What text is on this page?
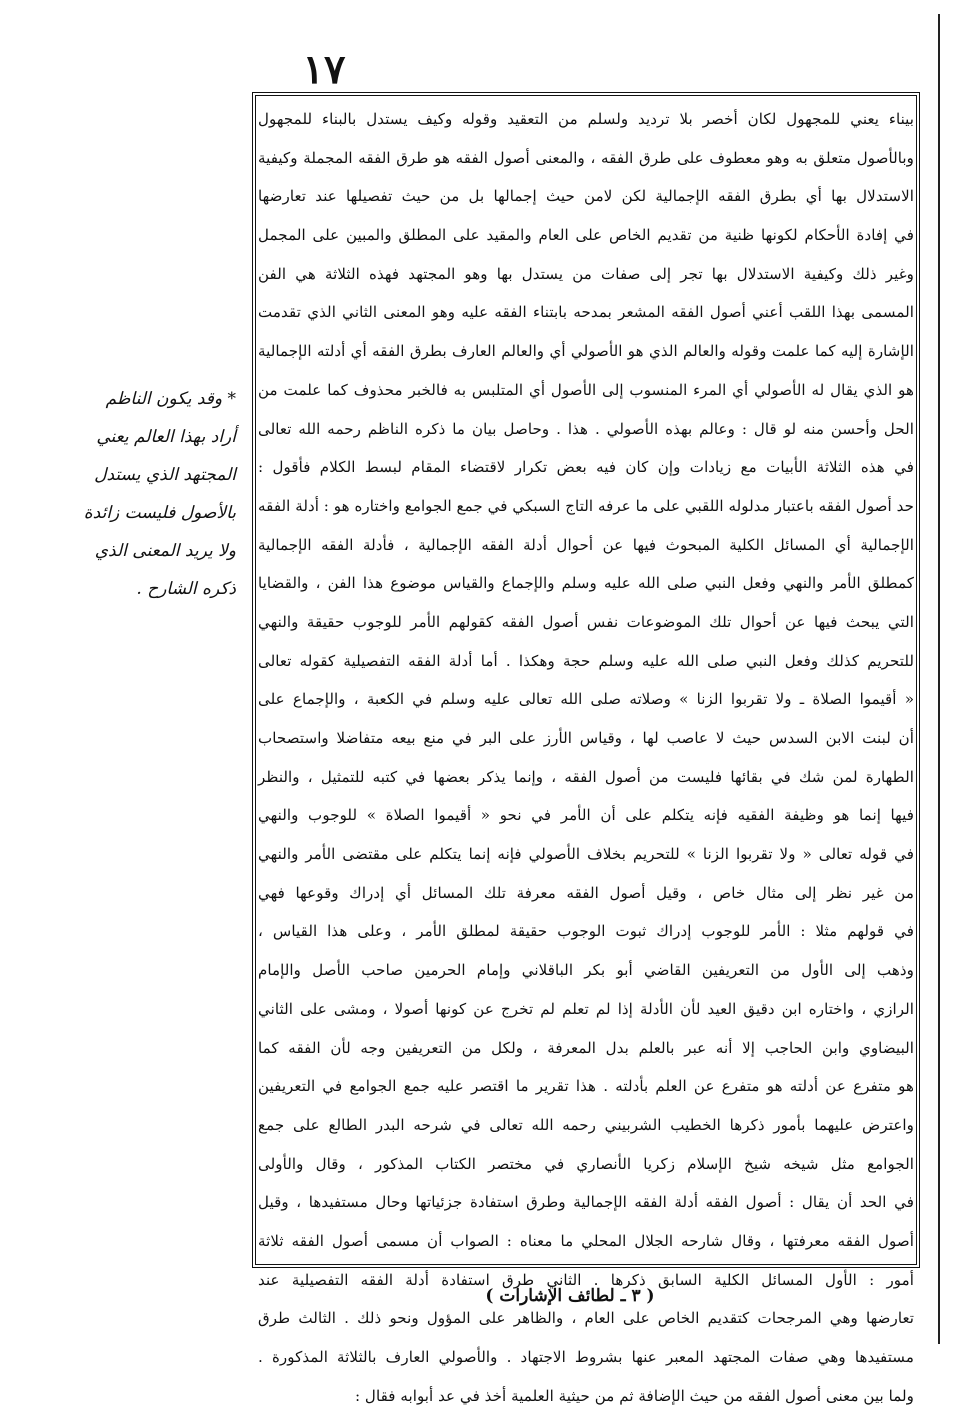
١٧
بيناء يعني للمجهول لكان أخصر بلا ترديد ولسلم من التعقيد وقوله وكيف يستدل بالبناء للمجهول
وبالأصول متعلق به وهو معطوف على طرق الفقه ، والمعنى أصول الفقه هو طرق الفقه المجملة وكيفية
الاستدلال بها أي بطرق الفقه الإجمالية لكن لامن حيث إجمالها بل من حيث تفصيلها عند تعارضها
في إفادة الأحكام لكونها ظنية من تقديم الخاص على العام والمقيد على المطلق والمبين على المجمل
وغير ذلك وكيفية الاستدلال بها تجر إلى صفات من يستدل بها وهو المجتهد فهذه الثلاثة هي الفن
المسمى بهذا اللقب أعني أصول الفقه المشعر بمدحه بابتناء الفقه عليه وهو المعنى الثاني الذي تقدمت
الإشارة إليه كما علمت وقوله والعالم الذي هو الأصولي أي والعالم العارف بطرق الفقه أي أدلته الإجمالية
هو الذي يقال له الأصولي أي المرء المنسوب إلى الأصول أي المتلبس به فالخبر محذوف كما علمت من
الحل وأحسن منه لو قال : وعالم بهذه الأصولي . هذا . وحاصل بيان ما ذكره الناظم رحمه الله تعالى
في هذه الثلاثة الأبيات مع زيادات وإن كان فيه بعض تكرار لاقتضاء المقام لبسط الكلام فأقول :
حد أصول الفقه باعتبار مدلوله اللقبي على ما عرفه التاج السبكي في جمع الجوامع واختاره هو : أدلة الفقه
الإجمالية أي المسائل الكلية المبحوث فيها عن أحوال أدلة الفقه الإجمالية ، فأدلة الفقه الإجمالية
كمطلق الأمر والنهي وفعل النبي صلى الله عليه وسلم والإجماع والقياس موضوع هذا الفن ، والقضايا
التي يبحث فيها عن أحوال تلك الموضوعات نفس أصول الفقه كقولهم الأمر للوجوب حقيقة والنهي
للتحريم كذلك وفعل النبي صلى الله عليه وسلم حجة وهكذا . أما أدلة الفقه التفصيلية كقوله تعالى
« أقيموا الصلاة ـ ولا تقربوا الزنا » وصلاته صلى الله تعالى عليه وسلم في الكعبة ، والإجماع على
أن لبنت الابن السدس حيث لا عاصب لها ، وقياس الأرز على البر في منع بيعه متفاضلا واستصحاب
الطهارة لمن شك في بقائها فليست من أصول الفقه ، وإنما يذكر بعضها في كتبه للتمثيل ، والنظر
فيها إنما هو وظيفة الفقيه فإنه يتكلم على أن الأمر في نحو « أقيموا الصلاة » للوجوب والنهي
في قوله تعالى « ولا تقربوا الزنا » للتحريم بخلاف الأصولي فإنه إنما يتكلم على مقتضى الأمر والنهي
من غير نظر إلى مثال خاص ، وقيل أصول الفقه معرفة تلك المسائل أي إدراك وقوعها فهي
في قولهم مثلا : الأمر للوجوب إدراك ثبوت الوجوب حقيقة لمطلق الأمر ، وعلى هذا القياس ،
وذهب إلى الأول من التعريفين القاضي أبو بكر الباقلاني وإمام الحرمين صاحب الأصل والإمام
الرازي ، واختاره ابن دقيق العيد لأن الأدلة إذا لم تعلم لم تخرج عن كونها أصولا ، ومشى على الثاني
البيضاوي وابن الحاجب إلا أنه عبر بالعلم بدل المعرفة ، ولكل من التعريفين وجه لأن الفقه كما
هو متفرع عن أدلته هو متفرع عن العلم بأدلته . هذا تقرير ما اقتصر عليه جمع الجوامع في التعريفين
واعترض عليهما بأمور ذكرها الخطيب الشربيني رحمه الله تعالى في شرحه البدر الطالع على جمع
الجوامع مثل شيخه شيخ الإسلام زكريا الأنصاري في مختصر الكتاب المذكور ، وقال والأولى
في الحد أن يقال : أصول الفقه أدلة الفقه الإجمالية وطرق استفادة جزئياتها وحال مستفيدها ، وقيل
أصول الفقه معرفتها ، وقال شارحه الجلال المحلي ما معناه : الصواب أن مسمى أصول الفقه ثلاثة
أمور : الأول المسائل الكلية السابق ذكرها . الثاني طرق استفادة أدلة الفقه التفصيلية عند
تعارضها وهي المرجحات كتقديم الخاص على العام ، والظاهر على المؤول ونحو ذلك . الثالث طرق
مستفيدها وهي صفات المجتهد المعبر عنها بشروط الاجتهاد . والأصولي العارف بالثلاثة المذكورة .
ولما بين معنى أصول الفقه من حيث الإضافة ثم من حيثية العلمية أخذ في عد أبوابه فقال :
* وقد يكون الناظم
أراد بهذا العالم يعني
المجتهد الذي يستدل
بالأصول فليست زائدة
ولا يريد المعنى الذي
ذكره الشارح .
( ٣ ـ لطائف الإشارات )
